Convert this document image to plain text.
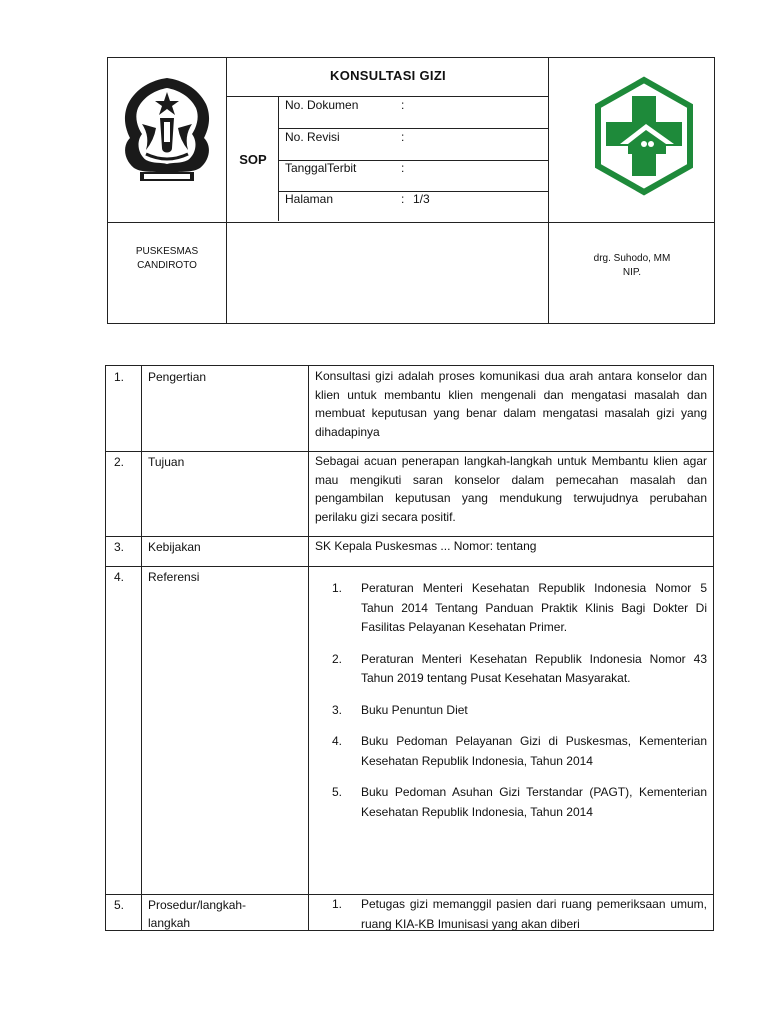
KONSULTASI GIZI
SOP
No. Dokumen	:
No. Revisi	:
TanggalTerbit	:
Halaman	: 1/3
PUSKESMAS
CANDIROTO
drg. Suhodo, MM
NIP.
1. Pengertian	Konsultasi gizi adalah proses komunikasi dua arah antara konselor dan klien untuk membantu klien mengenali dan mengatasi masalah dan membuat keputusan yang benar dalam mengatasi masalah gizi yang dihadapinya
2. Tujuan	Sebagai acuan penerapan langkah-langkah untuk Membantu klien agar mau mengikuti saran konselor dalam pemecahan masalah dan pengambilan keputusan yang mendukung terwujudnya perubahan perilaku gizi secara positif.
3. Kebijakan	SK Kepala Puskesmas ... Nomor: tentang
4. Referensi
1. Peraturan Menteri Kesehatan Republik Indonesia Nomor 5 Tahun 2014 Tentang Panduan Praktik Klinis Bagi Dokter Di Fasilitas Pelayanan Kesehatan Primer.
2. Peraturan Menteri Kesehatan Republik Indonesia Nomor 43 Tahun 2019 tentang Pusat Kesehatan Masyarakat.
3. Buku Penuntun Diet
4. Buku Pedoman Pelayanan Gizi di Puskesmas, Kementerian Kesehatan Republik Indonesia, Tahun 2014
5. Buku Pedoman Asuhan Gizi Terstandar (PAGT), Kementerian Kesehatan Republik Indonesia, Tahun 2014
5. Prosedur/langkah-langkah
1. Petugas gizi memanggil pasien dari ruang pemeriksaan umum, ruang KIA-KB Imunisasi yang akan diberi
